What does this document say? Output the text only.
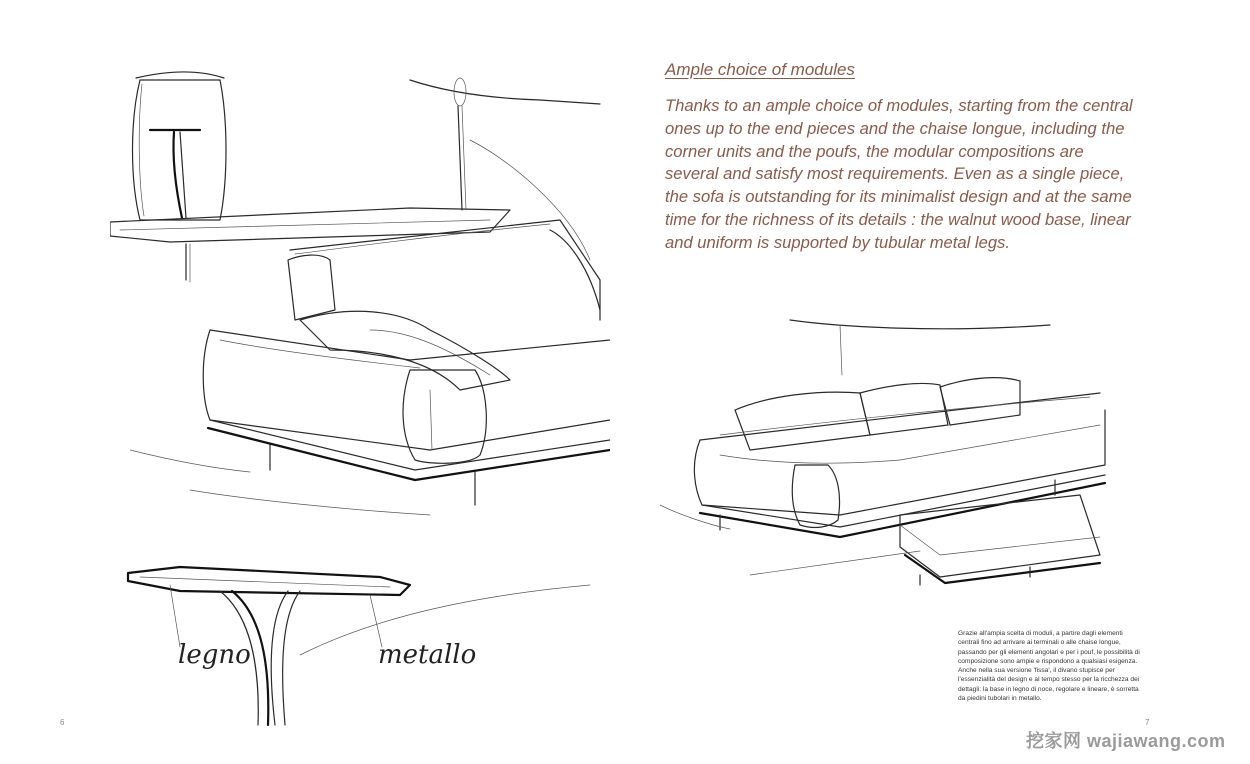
legno	metallo
6
Ample choice of modules

Thanks to an ample choice of modules, starting from the central ones up to the end pieces and the chaise longue, including the corner units and the poufs, the modular compositions are several and satisfy most requirements. Even as a single piece, the sofa is outstanding for its minimalist design and at the same time for the richness of its details : the walnut wood base, linear and uniform is supported by tubular metal legs.

Grazie all'ampia scelta di moduli, a partire dagli elementi centrali fino ad arrivare ai terminali o alle chaise longue, passando per gli elementi angolari e per i pouf, le possibilità di composizione sono ampie e rispondono a qualsiasi esigenza. Anche nella sua versione 'fissa', il divano stupisce per l'essenzialità del design e al tempo stesso per la ricchezza dei dettagli: la base in legno di noce, regolare e lineare, è sorretta da piedini tubolari in metallo.

7
挖家网 wajiawang.com
